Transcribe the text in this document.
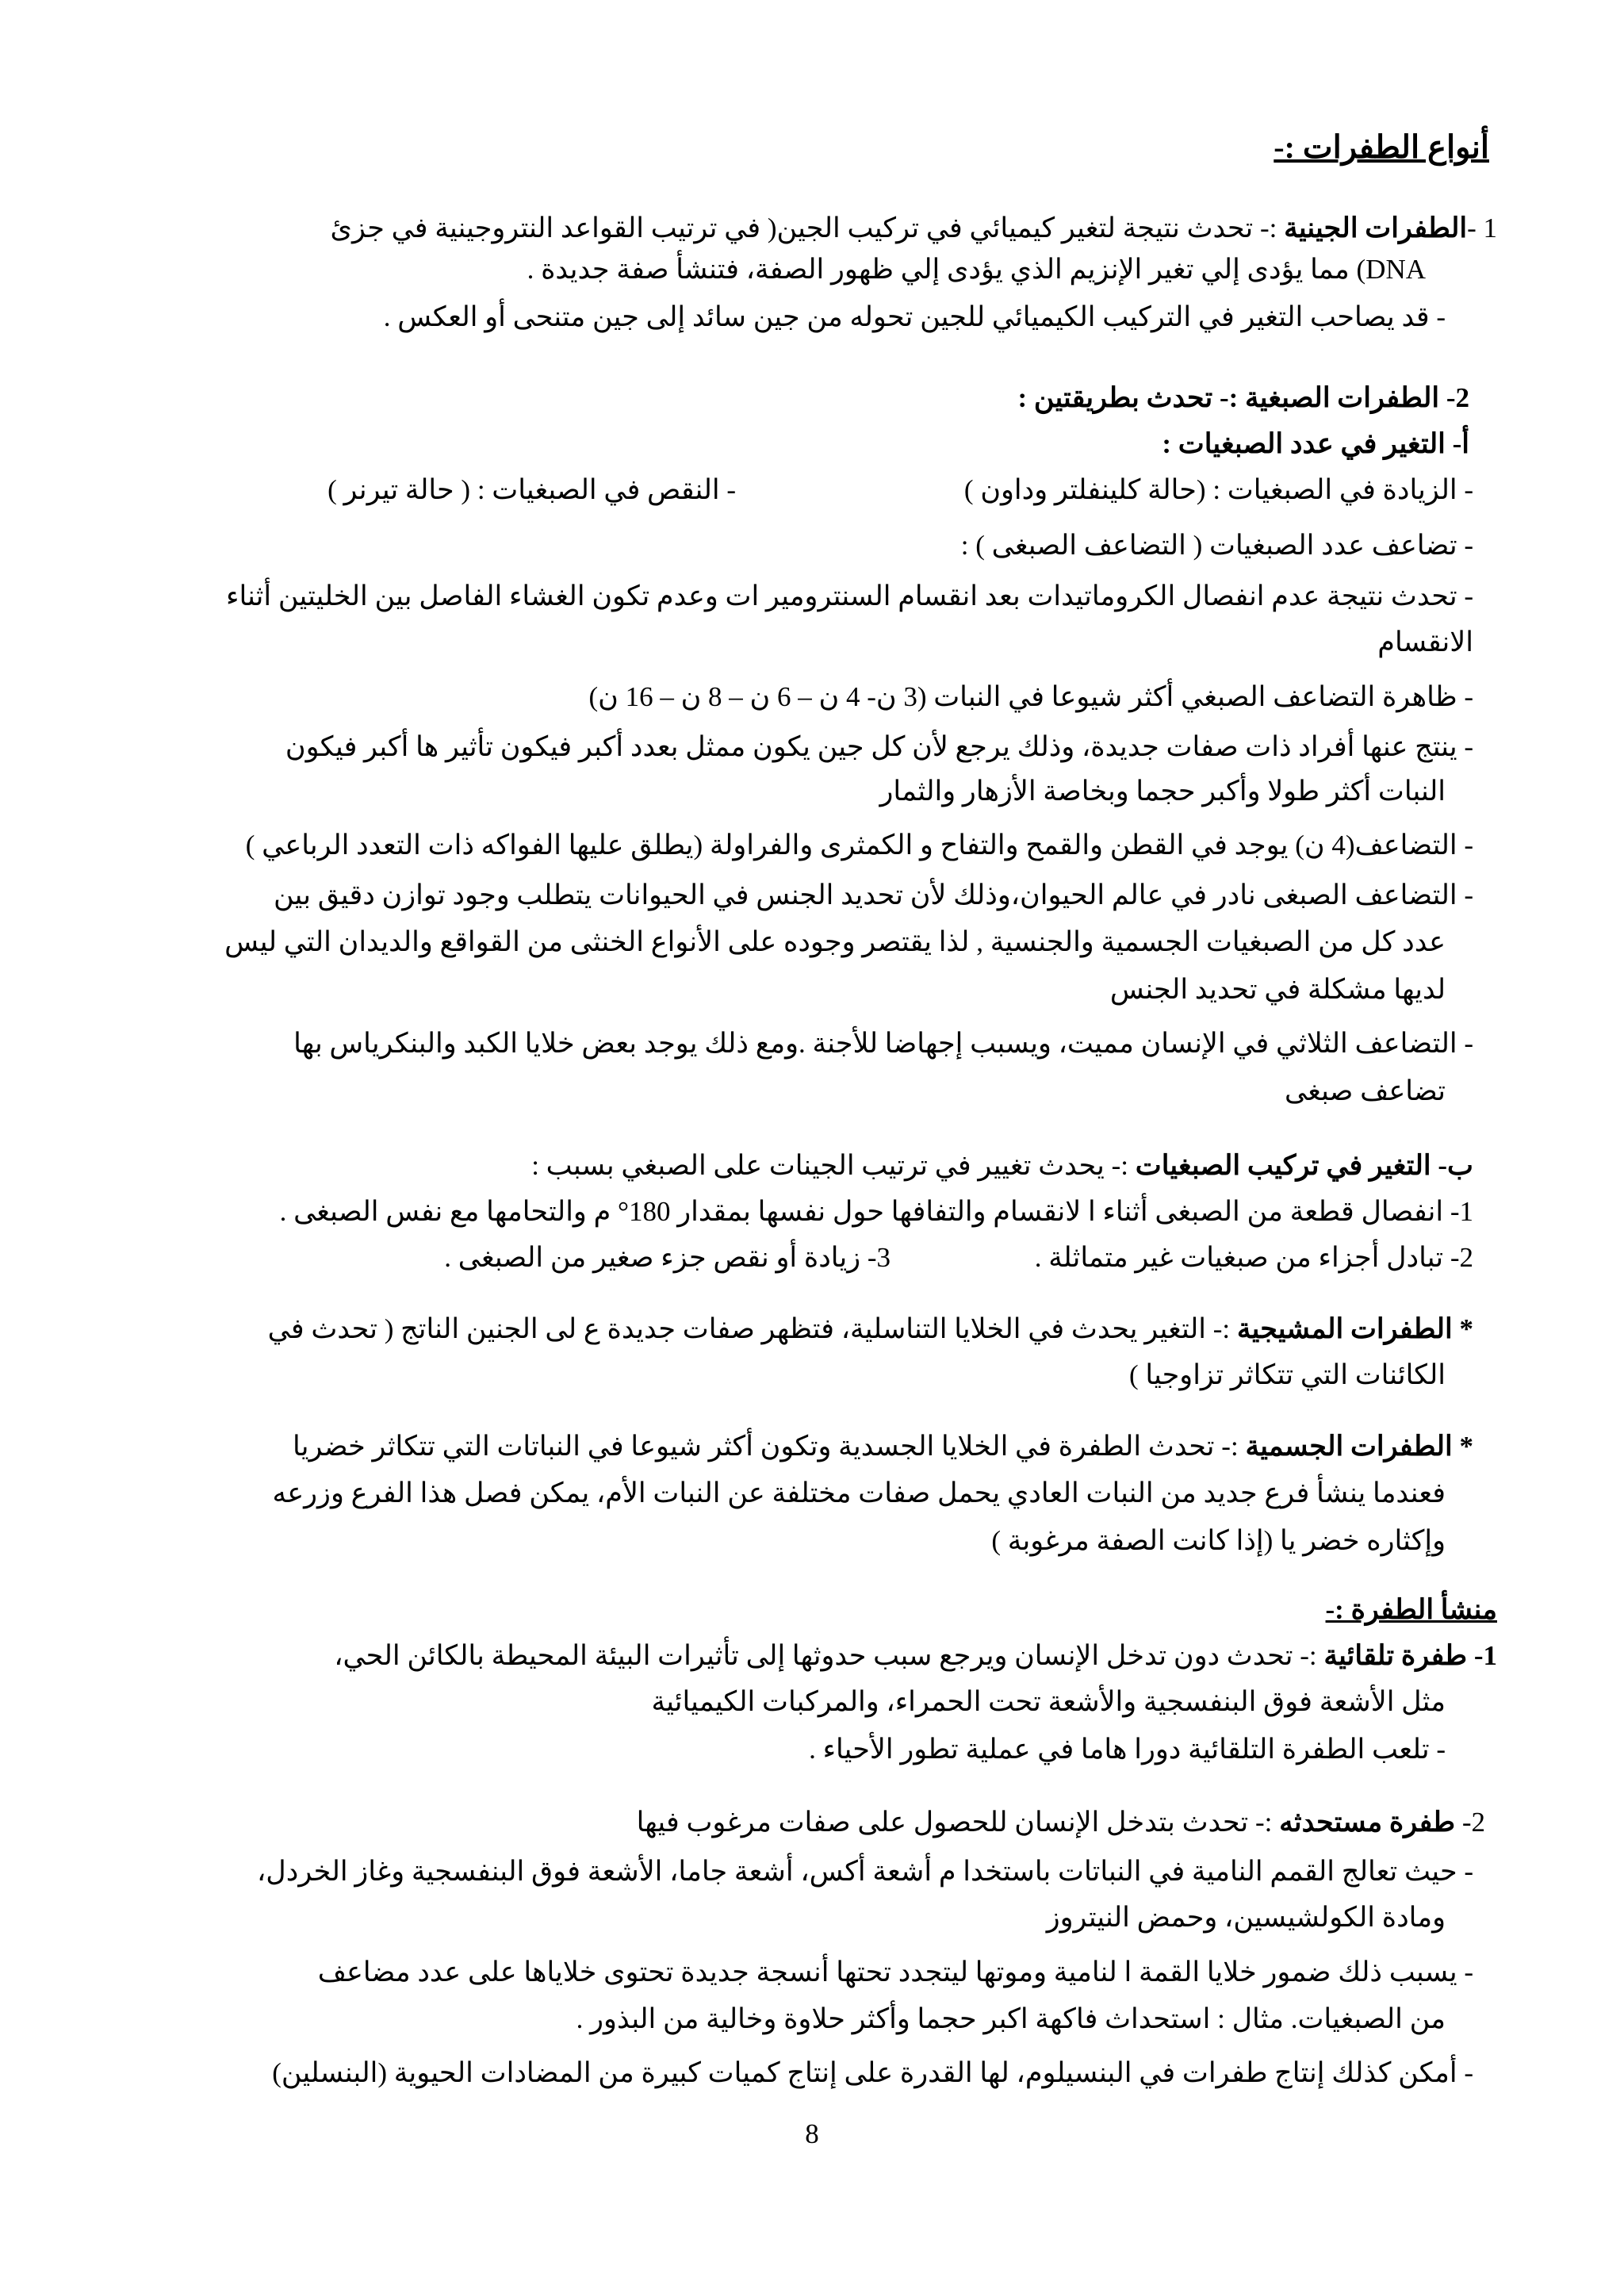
أنواع الطفرات :-
1 -الطفرات الجينية :- تحدث نتيجة لتغير كيميائي في تركيب الجين( في ترتيب القواعد النتروجينية في جزئ
DNA) مما يؤدى إلي تغير الإنزيم الذي يؤدى إلي ظهور الصفة، فتنشأ صفة جديدة .
- قد يصاحب التغير في التركيب الكيميائي للجين تحوله من جين سائد إلى جين متنحى أو العكس .
2- الطفرات الصبغية :- تحدث بطريقتين :
أ- التغير في عدد الصبغيات :
- الزيادة في الصبغيات : (حالة كلينفلتر وداون )
- النقص في الصبغيات : ( حالة تيرنر )
- تضاعف عدد الصبغيات ( التضاعف الصبغى ) :
- تحدث نتيجة عدم انفصال الكروماتيدات بعد انقسام السنترومير ات وعدم تكون الغشاء الفاصل بين الخليتين أثناء
الانقسام
- ظاهرة التضاعف الصبغي أكثر شيوعا في النبات (3 ن- 4 ن – 6 ن – 8 ن – 16 ن)
- ينتج عنها أفراد ذات صفات جديدة، وذلك يرجع لأن كل جين يكون ممثل بعدد أكبر فيكون تأثير ها أكبر فيكون
النبات أكثر طولا وأكبر حجما وبخاصة الأزهار والثمار
- التضاعف(4 ن) يوجد في القطن والقمح والتفاح و الكمثرى والفراولة (يطلق عليها الفواكه ذات التعدد الرباعي )
- التضاعف الصبغى نادر في عالم الحيوان،وذلك لأن تحديد الجنس في الحيوانات يتطلب وجود توازن دقيق بين
عدد كل من الصبغيات الجسمية والجنسية , لذا يقتصر وجوده على الأنواع الخنثى من القواقع والديدان التي ليس
لديها مشكلة في تحديد الجنس
- التضاعف الثلاثي في الإنسان مميت، ويسبب إجهاضا للأجنة .ومع ذلك يوجد بعض خلايا الكبد والبنكرياس بها
تضاعف صبغى
ب- التغير في تركيب الصبغيات :- يحدث تغيير في ترتيب الجينات على الصبغي بسبب :
1- انفصال قطعة من الصبغى أثناء ا لانقسام والتفافها حول نفسها بمقدار 180° م والتحامها مع نفس الصبغى .
2- تبادل أجزاء من صبغيات غير متماثلة .
3- زيادة أو نقص جزء صغير من الصبغى .
* الطفرات المشيجية :- التغير يحدث في الخلايا التناسلية، فتظهر صفات جديدة ع لى الجنين الناتج ( تحدث في
الكائنات التي تتكاثر تزاوجيا )
* الطفرات الجسمية :- تحدث الطفرة في الخلايا الجسدية وتكون أكثر شيوعا في النباتات التي تتكاثر خضريا
فعندما ينشأ فرع جديد من النبات العادي يحمل صفات مختلفة عن النبات الأم، يمكن فصل هذا الفرع وزرعه
وإكثاره خضر يا (إذا كانت الصفة مرغوبة )
منشأ الطفرة :-
1- طفرة تلقائية :- تحدث دون تدخل الإنسان ويرجع سبب حدوثها إلى تأثيرات البيئة المحيطة بالكائن الحي،
مثل الأشعة فوق البنفسجية والأشعة تحت الحمراء، والمركبات الكيميائية
- تلعب الطفرة التلقائية دورا هاما في عملية تطور الأحياء .
2- طفرة مستحدثه :- تحدث بتدخل الإنسان للحصول على صفات مرغوب فيها
- حيث تعالج القمم النامية في النباتات باستخدا م أشعة أكس، أشعة جاما، الأشعة فوق البنفسجية وغاز الخردل،
ومادة الكولشيسين، وحمض النيتروز
- يسبب ذلك ضمور خلايا القمة ا لنامية وموتها ليتجدد تحتها أنسجة جديدة تحتوى خلاياها على عدد مضاعف
من الصبغيات. مثال : استحداث فاكهة اكبر حجما وأكثر حلاوة وخالية من البذور .
- أمكن كذلك إنتاج طفرات في البنسيلوم، لها القدرة على إنتاج كميات كبيرة من المضادات الحيوية (البنسلين)
8
